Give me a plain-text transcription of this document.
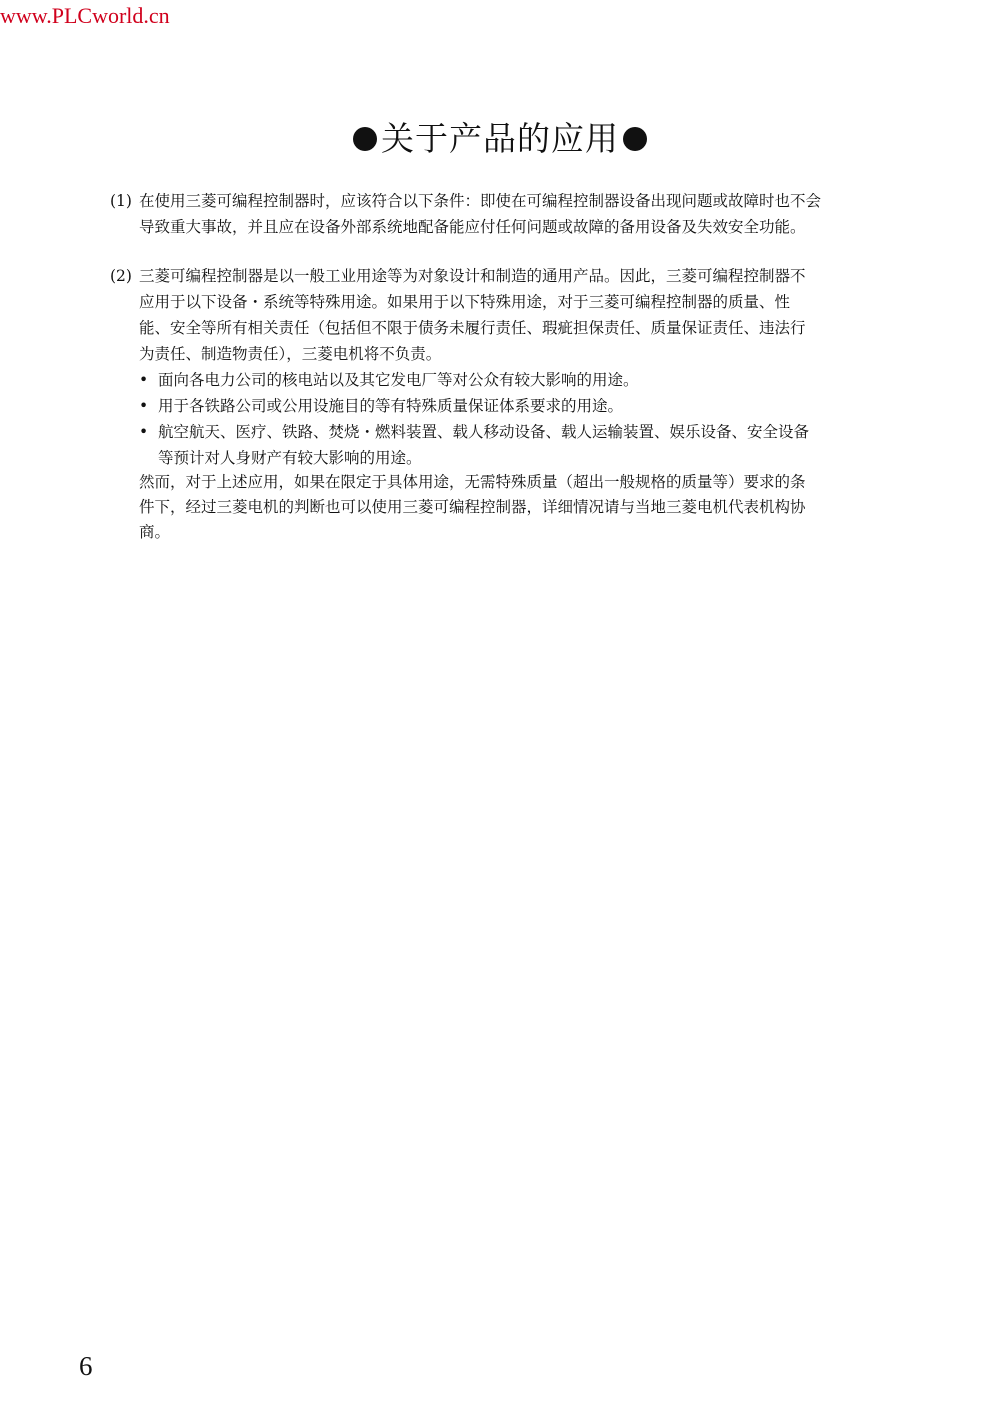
www.PLCworld.cn
关于产品的应用
(1) 在使用三菱可编程控制器时，应该符合以下条件：即使在可编程控制器设备出现问题或故障时也不会
导致重大事故，并且应在设备外部系统地配备能应付任何问题或故障的备用设备及失效安全功能。
(2) 三菱可编程控制器是以一般工业用途等为对象设计和制造的通用产品。因此，三菱可编程控制器不
应用于以下设备・系统等特殊用途。如果用于以下特殊用途，对于三菱可编程控制器的质量、性
能、安全等所有相关责任（包括但不限于债务未履行责任、瑕疵担保责任、质量保证责任、违法行
为责任、制造物责任），三菱电机将不负责。
• 面向各电力公司的核电站以及其它发电厂等对公众有较大影响的用途。
• 用于各铁路公司或公用设施目的等有特殊质量保证体系要求的用途。
• 航空航天、医疗、铁路、焚烧・燃料装置、载人移动设备、载人运输装置、娱乐设备、安全设备
等预计对人身财产有较大影响的用途。
然而，对于上述应用，如果在限定于具体用途，无需特殊质量（超出一般规格的质量等）要求的条
件下，经过三菱电机的判断也可以使用三菱可编程控制器，详细情况请与当地三菱电机代表机构协
商。
6
